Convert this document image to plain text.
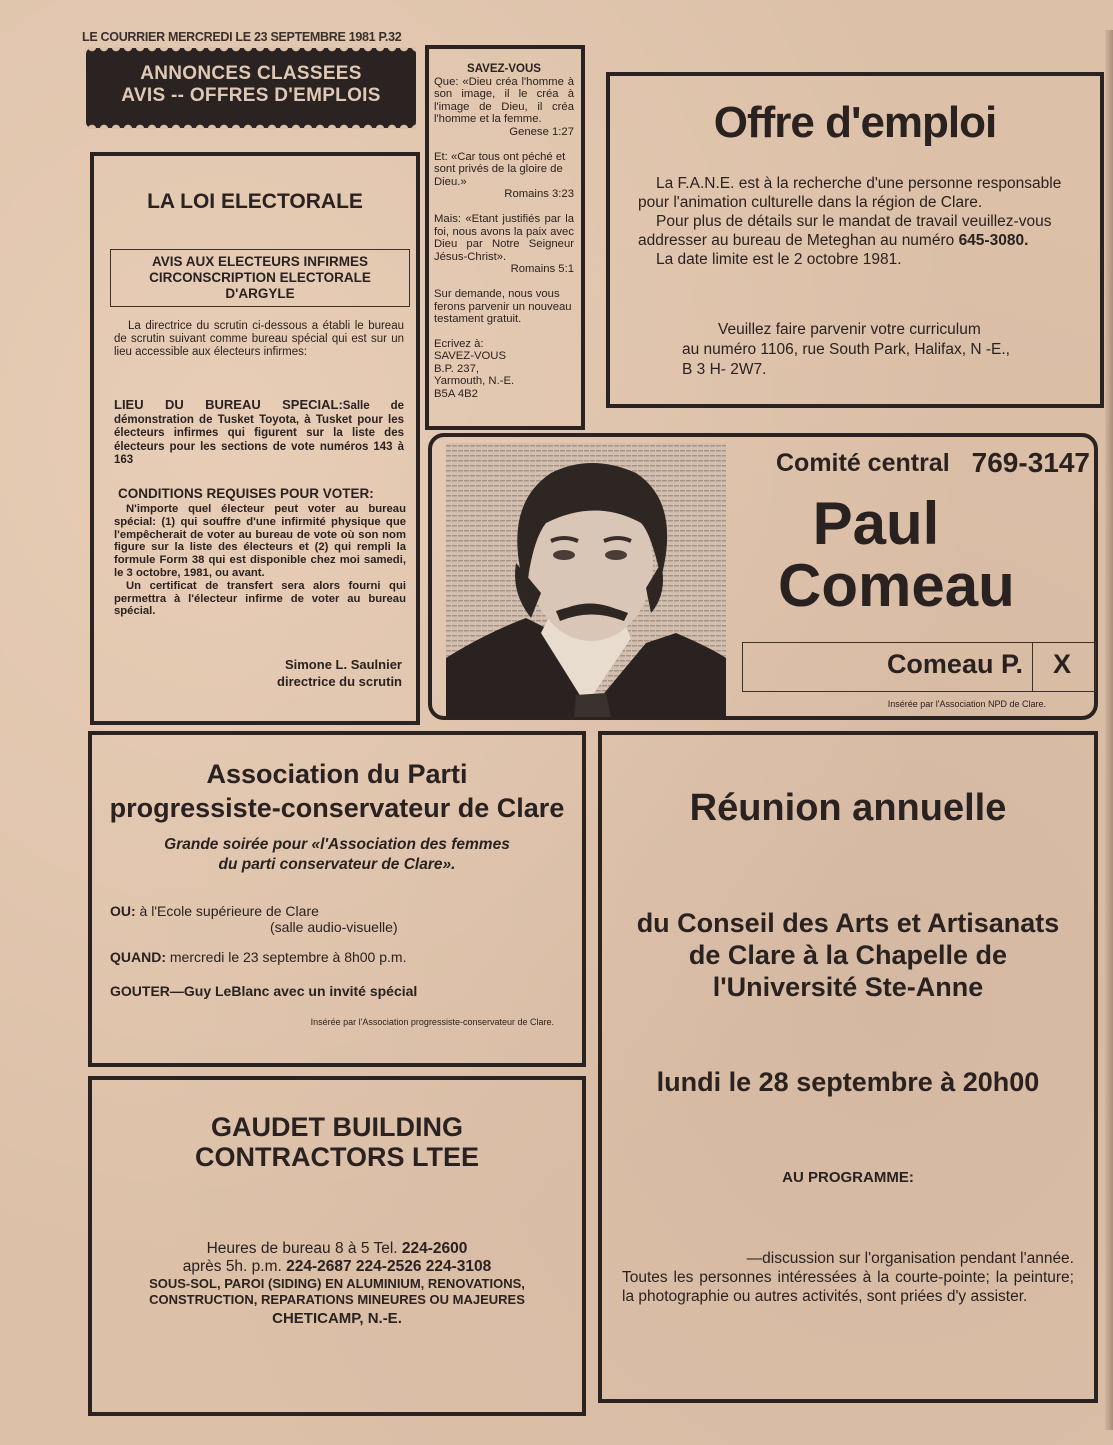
LE COURRIER MERCREDI LE 23 SEPTEMBRE 1981 P.32
ANNONCES CLASSEES
AVIS -- OFFRES D'EMPLOIS
LA LOI ELECTORALE
AVIS AUX ELECTEURS INFIRMES
CIRCONSCRIPTION ELECTORALE D'ARGYLE
La directrice du scrutin ci-dessous a établi le bureau de scrutin suivant comme bureau spécial qui est sur un lieu accessible aux électeurs infirmes:
LIEU DU BUREAU SPECIAL:Salle de démonstration de Tusket Toyota, à Tusket pour les électeurs infirmes qui figurent sur la liste des électeurs pour les sections de vote numéros 143 à 163
CONDITIONS REQUISES POUR VOTER:

N'importe quel électeur peut voter au bureau spécial: (1) qui souffre d'une infirmité physique que l'empêcherait de voter au bureau de vote où son nom figure sur la liste des électeurs et (2) qui rempli la formule Form 38 qui est disponible chez moi samedi, le 3 octobre, 1981, ou avant.

Un certificat de transfert sera alors fourni qui permettra à l'électeur infirme de voter au bureau spécial.

Simone L. Saulnier
directrice du scrutin
SAVEZ-VOUS

Que: «Dieu créa l'homme à son image, il le créa à l'image de Dieu, il créa l'homme et la femme.
Genese 1:27

Et: «Car tous ont péché et sont privés de la gloire de Dieu.»
Romains 3:23

Mais: «Etant justifiés par la foi, nous avons la paix avec Dieu par Notre Seigneur Jésus-Christ».
Romains 5:1

Sur demande, nous vous ferons parvenir un nouveau testament gratuit.

Ecrivez à:
SAVEZ-VOUS
B.P. 237,
Yarmouth, N.-E.
B5A 4B2
Offre d'emploi

La F.A.N.E. est à la recherche d'une personne responsable pour l'animation culturelle dans la région de Clare.

Pour plus de détails sur le mandat de travail veuillez-vous addresser au bureau de Meteghan au numéro 645-3080.

La date limite est le 2 octobre 1981.

Veuillez faire parvenir votre curriculum
au numéro 1106, rue South Park, Halifax, N -E.,
B 3 H- 2W7.
Comité central 769-3147
Paul
Comeau
Comeau P. X
Insérée par l'Association NPD de Clare.
Association du Parti
progressiste-conservateur de Clare
Grande soirée pour «l'Association des femmes
du parti conservateur de Clare».
OU: à l'Ecole supérieure de Clare
(salle audio-visuelle)
QUAND: mercredi le 23 septembre à 8h00 p.m.
GOUTER—Guy LeBlanc avec un invité spécial
Insérée par l'Association progressiste-conservateur de Clare.
GAUDET BUILDING
CONTRACTORS LTEE
Heures de bureau 8 à 5 Tel. 224-2600
après 5h. p.m. 224-2687 224-2526 224-3108
SOUS-SOL, PAROI (SIDING) EN ALUMINIUM, RENOVATIONS,
CONSTRUCTION, REPARATIONS MINEURES OU MAJEURES
CHETICAMP, N.-E.
Réunion annuelle
du Conseil des Arts et Artisanats
de Clare à la Chapelle de
l'Université Ste-Anne
lundi le 28 septembre à 20h00
AU PROGRAMME:
—discussion sur l'organisation pendant l'année.
Toutes les personnes intéressées à la courte-pointe; la peinture; la photographie ou autres activités, sont priées d'y assister.
